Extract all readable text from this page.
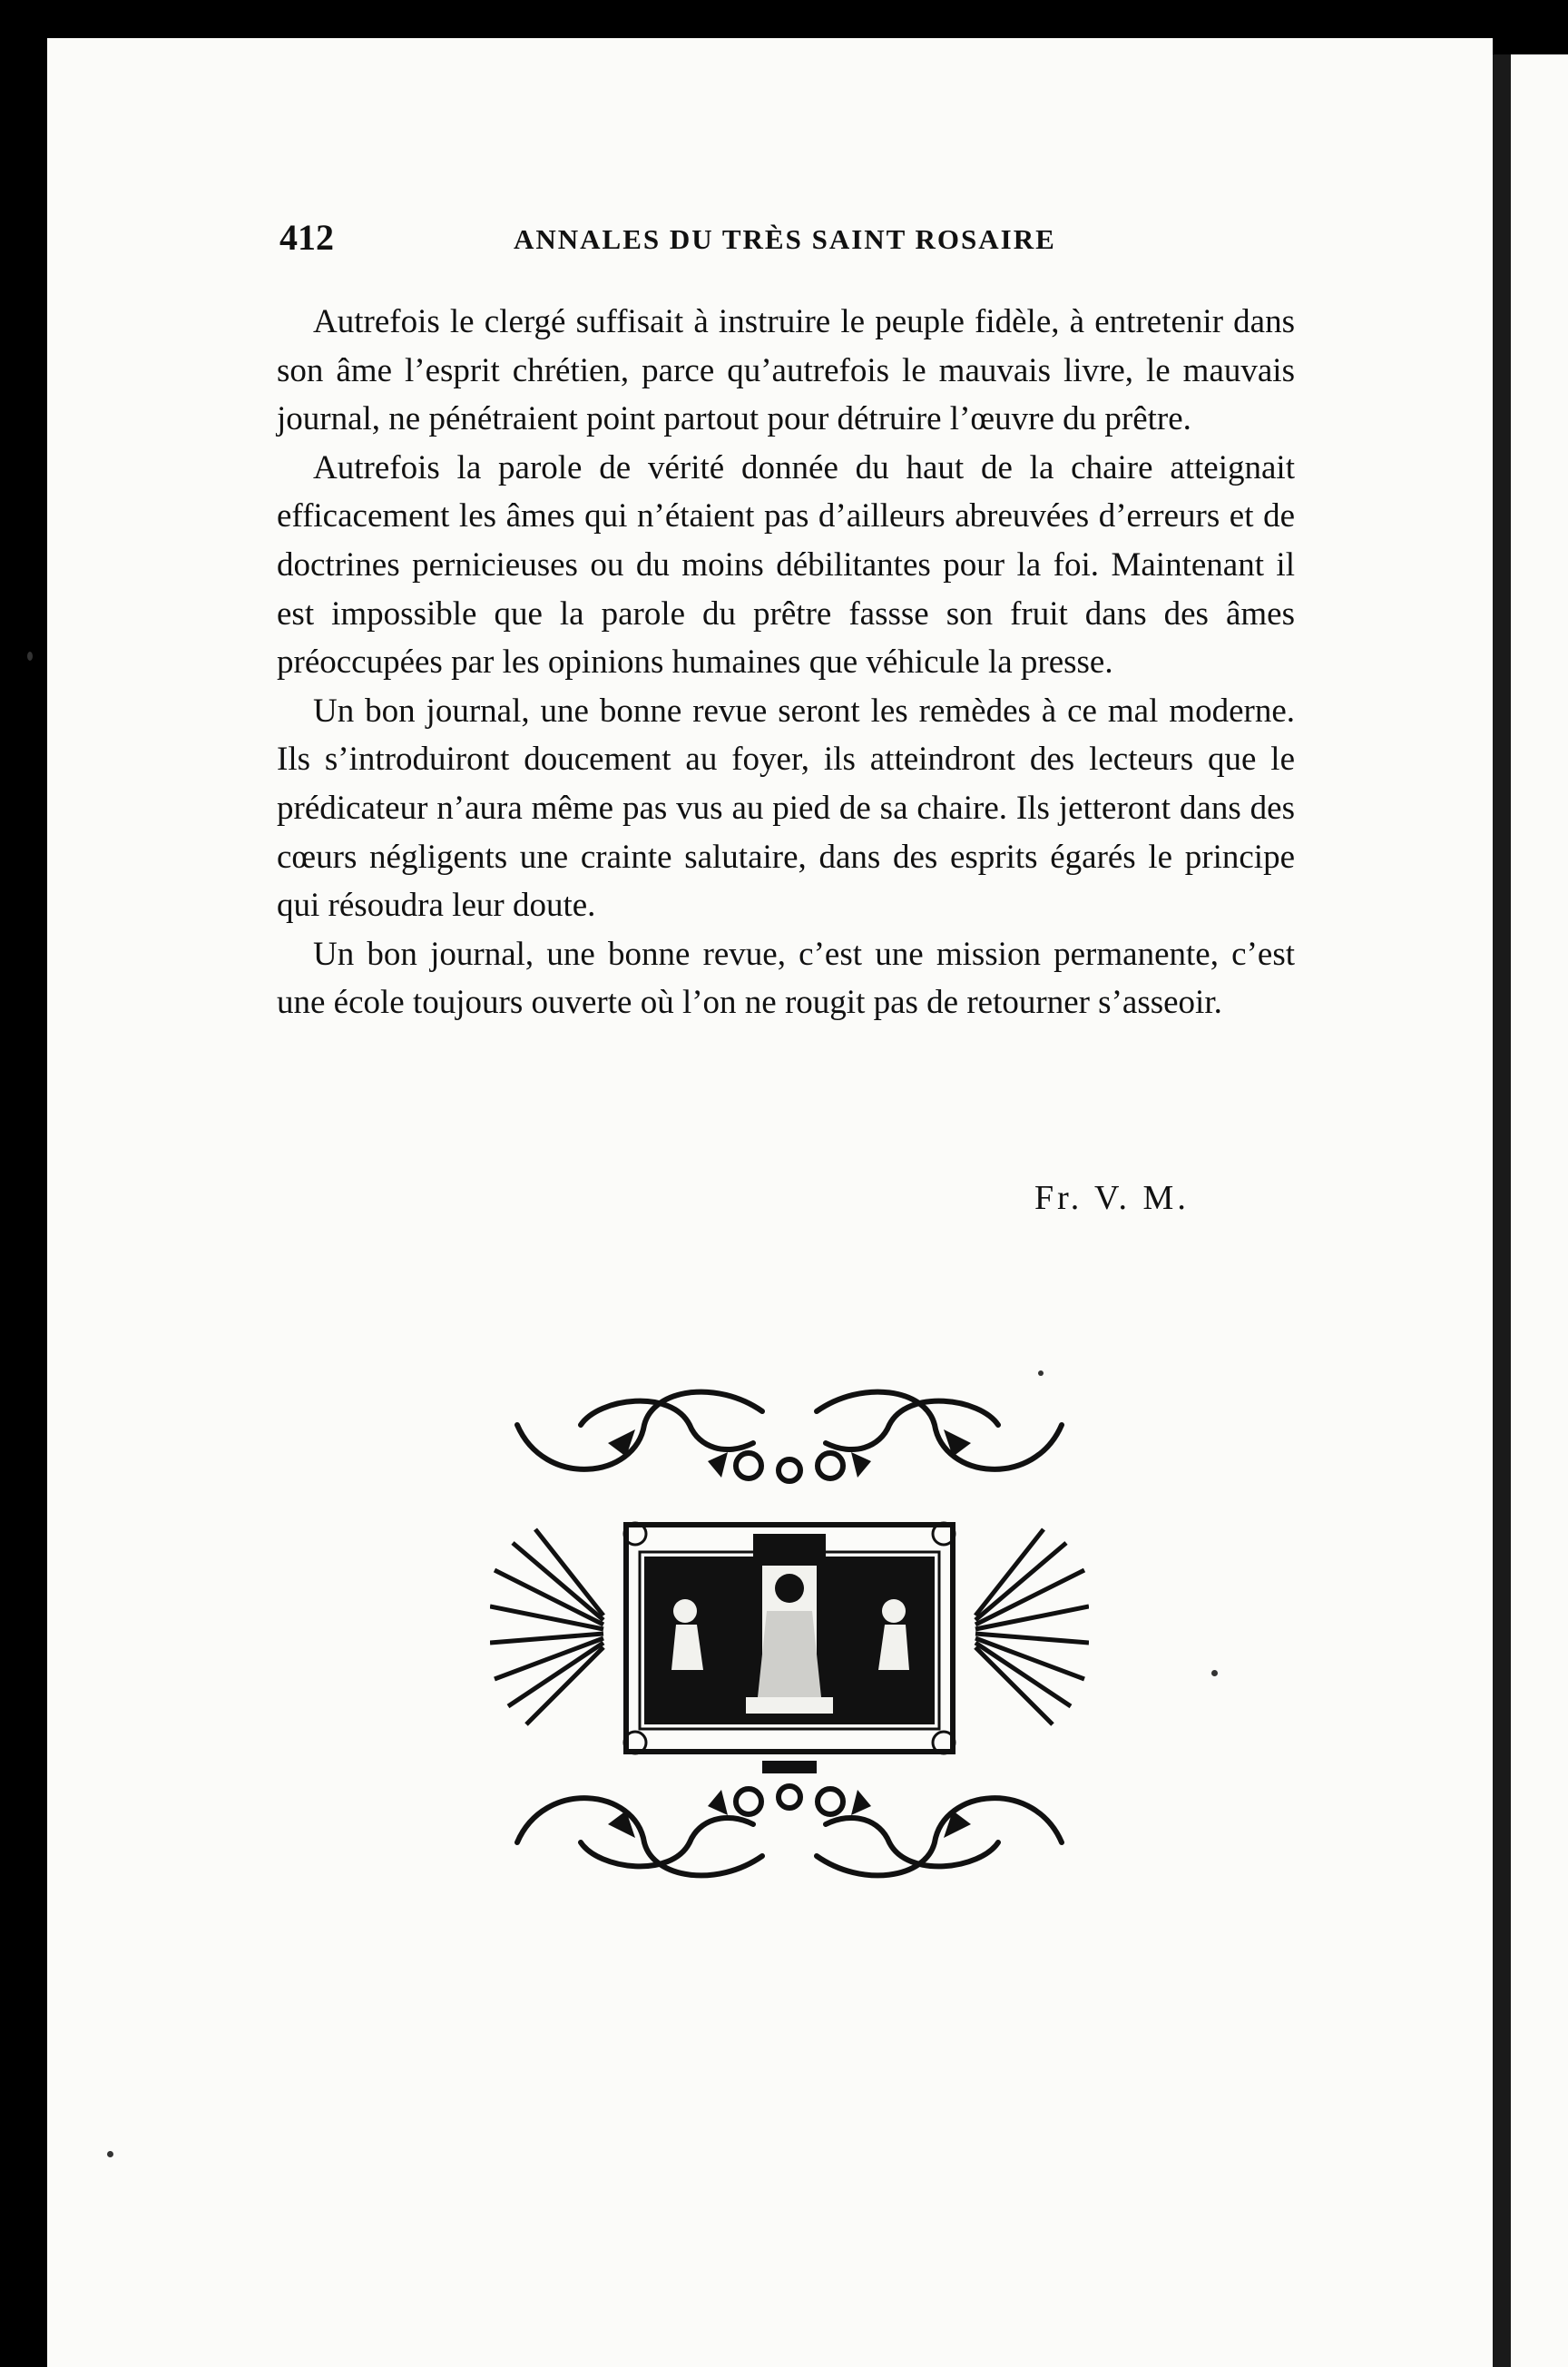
412	ANNALES DU TRÈS SAINT ROSAIRE

Autrefois le clergé suffisait à instruire le peuple fidèle, à entretenir dans son âme l’esprit chrétien, parce qu’autrefois le mauvais livre, le mauvais journal, ne pénétraient point partout pour détruire l’œuvre du prêtre.

Autrefois la parole de vérité donnée du haut de la chaire atteignait efficacement les âmes qui n’étaient pas d’ailleurs abreuvées d’erreurs et de doctrines pernicieuses ou du moins débilitantes pour la foi. Maintenant il est impossible que la parole du prêtre fassse son fruit dans des âmes préoccupées par les opinions humaines que véhicule la presse.

Un bon journal, une bonne revue seront les remèdes à ce mal moderne. Ils s’introduiront doucement au foyer, ils atteindront des lecteurs que le prédicateur n’aura même pas vus au pied de sa chaire. Ils jetteront dans des cœurs négligents une crainte salutaire, dans des esprits égarés le principe qui résoudra leur doute.

Un bon journal, une bonne revue, c’est une mission permanente, c’est une école toujours ouverte où l’on ne rougit pas de retourner s’asseoir.

Fr. V. M.
